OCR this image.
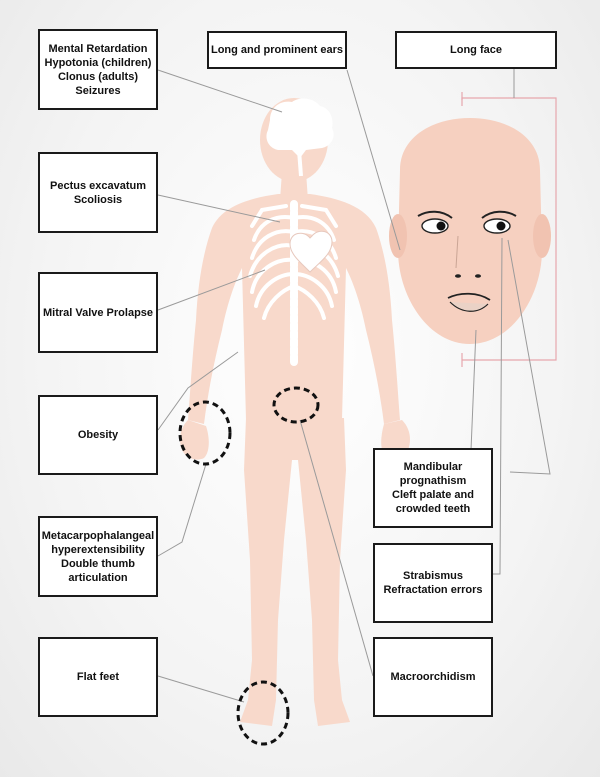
Mental Retardation
Hypotonia (children)
Clonus (adults)
Seizures
Long and prominent ears	Long face
Pectus excavatum
Scoliosis
Mitral Valve Prolapse
Obesity
Metacarpophalangeal
hyperextensibility
Double thumb
articulation
Flat feet
Mandibular
prognathism
Cleft palate and
crowded teeth
Strabismus
Refractation errors
Macroorchidism
